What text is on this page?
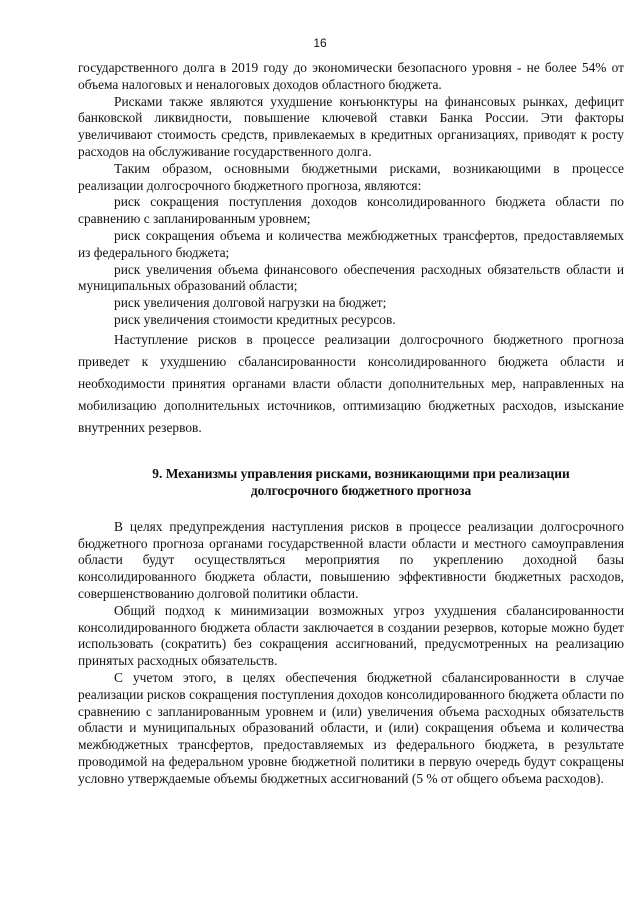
16

государственного долга в 2019 году до экономически безопасного уровня - не более 54% от объема налоговых и неналоговых доходов областного бюджета.

Рисками также являются ухудшение конъюнктуры на финансовых рынках, дефицит банковской ликвидности, повышение ключевой ставки Банка России. Эти факторы увеличивают стоимость средств, привлекаемых в кредитных организациях, приводят к росту расходов на обслуживание государственного долга.

Таким образом, основными бюджетными рисками, возникающими в процессе реализации долгосрочного бюджетного прогноза, являются:

риск сокращения поступления доходов консолидированного бюджета области по сравнению с запланированным уровнем;

риск сокращения объема и количества межбюджетных трансфертов, предоставляемых из федерального бюджета;

риск увеличения объема финансового обеспечения расходных обязательств области и муниципальных образований области;

риск увеличения долговой нагрузки на бюджет;

риск увеличения стоимости кредитных ресурсов.

Наступление рисков в процессе реализации долгосрочного бюджетного прогноза приведет к ухудшению сбалансированности консолидированного бюджета области и необходимости принятия органами власти области дополнительных мер, направленных на мобилизацию дополнительных источников, оптимизацию бюджетных расходов, изыскание внутренних резервов.

9. Механизмы управления рисками, возникающими при реализации
долгосрочного бюджетного прогноза

В целях предупреждения наступления рисков в процессе реализации долгосрочного бюджетного прогноза органами государственной власти области и местного самоуправления области будут осуществляться мероприятия по укреплению доходной базы консолидированного бюджета области, повышению эффективности бюджетных расходов, совершенствованию долговой политики области.

Общий подход к минимизации возможных угроз ухудшения сбалансированности консолидированного бюджета области заключается в создании резервов, которые можно будет использовать (сократить) без сокращения ассигнований, предусмотренных на реализацию принятых расходных обязательств.

С учетом этого, в целях обеспечения бюджетной сбалансированности в случае реализации рисков сокращения поступления доходов консолидированного бюджета области по сравнению с запланированным уровнем и (или) увеличения объема расходных обязательств области и муниципальных образований области, и (или) сокращения объема и количества межбюджетных трансфертов, предоставляемых из федерального бюджета, в результате проводимой на федеральном уровне бюджетной политики в первую очередь будут сокращены условно утверждаемые объемы бюджетных ассигнований (5 % от общего объема расходов).
